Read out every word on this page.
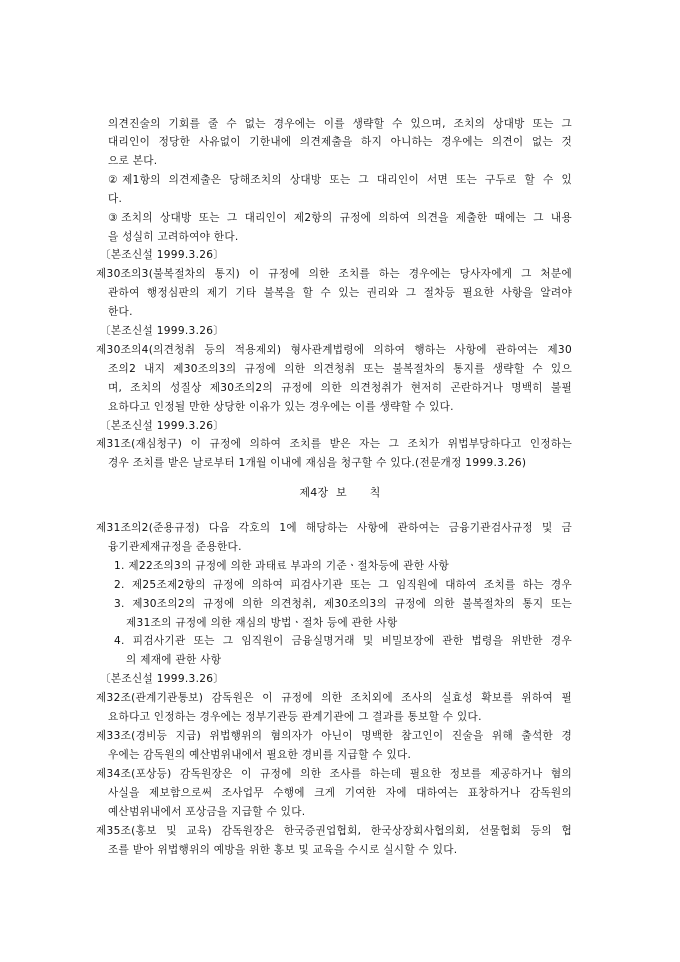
의견진술의 기회를 줄 수 없는 경우에는 이를 생략할 수 있으며, 조치의 상대방 또는 그
대리인이 정당한 사유없이 기한내에 의견제출을 하지 아니하는 경우에는 의견이 없는 것
으로 본다.
②제1항의 의견제출은 당해조치의 상대방 또는 그 대리인이 서면 또는 구두로 할 수 있
다.
③조치의 상대방 또는 그 대리인이 제2항의 규정에 의하여 의견을 제출한 때에는 그 내용
을 성실히 고려하여야 한다.
〔본조신설 1999.3.26〕
제30조의3(불복절차의 통지) 이 규정에 의한 조치를 하는 경우에는 당사자에게 그 처분에
관하여 행정심판의 제기 기타 불복을 할 수 있는 권리와 그 절차등 필요한 사항을 알려야
한다.
〔본조신설 1999.3.26〕
제30조의4(의견청취 등의 적용제외) 형사관계법령에 의하여 행하는 사항에 관하여는 제30
조의2 내지 제30조의3의 규정에 의한 의견청취 또는 불복절차의 통지를 생략할 수 있으
며, 조치의 성질상 제30조의2의 규정에 의한 의견청취가 현저히 곤란하거나 명백히 불필
요하다고 인정될 만한 상당한 이유가 있는 경우에는 이를 생략할 수 있다.
〔본조신설 1999.3.26〕
제31조(재심청구) 이 규정에 의하여 조치를 받은 자는 그 조치가 위법부당하다고 인정하는
경우 조치를 받은 날로부터 1개월 이내에 재심을 청구할 수 있다.(전문개정 1999.3.26)
제4장  보      칙
제31조의2(준용규정) 다음 각호의 1에 해당하는 사항에 관하여는 금융기관검사규정 및 금
융기관제재규정을 준용한다.
1. 제22조의3의 규정에 의한 과태료 부과의 기준ㆍ절차등에 관한 사항
2. 제25조제2항의 규정에 의하여 피검사기관 또는 그 임직원에 대하여 조치를 하는 경우
3. 제30조의2의 규정에 의한 의견청취, 제30조의3의 규정에 의한 불복절차의 통지 또는
제31조의 규정에 의한 재심의 방법ㆍ절차 등에 관한 사항
4. 피검사기관 또는 그 임직원이 금융실명거래 및 비밀보장에 관한 법령을 위반한 경우
의 제재에 관한 사항
〔본조신설 1999.3.26〕
제32조(관계기관통보) 감독원은 이 규정에 의한 조치외에 조사의 실효성 확보를 위하여 필
요하다고 인정하는 경우에는 정부기관등 관계기관에 그 결과를 통보할 수 있다.
제33조(경비등 지급) 위법행위의 혐의자가 아닌이 명백한 참고인이 진술을 위해 출석한 경
우에는 감독원의 예산범위내에서 필요한 경비를 지급할 수 있다.
제34조(포상등) 감독원장은 이 규정에 의한 조사를 하는데 필요한 정보를 제공하거나 혐의
사실을 제보함으로써 조사업무 수행에 크게 기여한 자에 대하여는 표창하거나 감독원의
예산범위내에서 포상금을 지급할 수 있다.
제35조(홍보 및 교육) 감독원장은 한국증권업협회, 한국상장회사협의회, 선물협회 등의 협
조를 받아 위법행위의 예방을 위한 홍보 및 교육을 수시로 실시할 수 있다.
